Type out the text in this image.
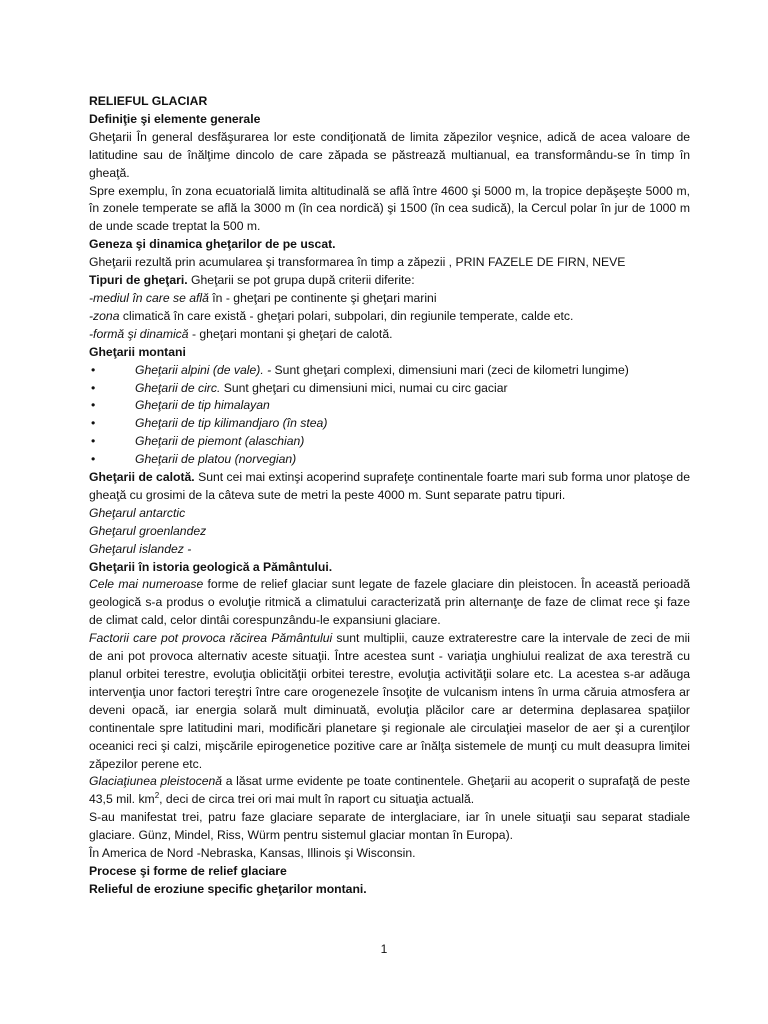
RELIEFUL GLACIAR

Definiţie şi elemente generale

Gheţarii În general desfăşurarea lor este condiţionată de limita zăpezilor veşnice, adică de acea valoare de latitudine sau de înălţime dincolo de care zăpada se păstrează multianual, ea transformându-se în timp în gheaţă.

Spre exemplu, în zona ecuatorială limita altitudinală se află între 4600 şi 5000 m, la tropice depăşeşte 5000 m, în zonele temperate se află la 3000 m (în cea nordică) şi 1500 (în cea sudică), la Cercul polar în jur de 1000 m de unde scade treptat la 500 m.

Geneza şi dinamica gheţarilor de pe uscat.

Gheţarii rezultă prin acumularea şi transformarea în timp a zăpezii , PRIN FAZELE DE FIRN, NEVE

Tipuri de gheţari. Gheţarii se pot grupa după criterii diferite:

-mediul în care se află în - gheţari pe continente şi gheţari marini

-zona climatică în care există - gheţari polari, subpolari, din regiunile temperate, calde etc.

-formă şi dinamică - gheţari montani şi gheţari de calotă.

Gheţarii montani

• Gheţarii alpini (de vale). - Sunt gheţari complexi, dimensiuni mari (zeci de kilometri lungime)
• Gheţarii de circ. Sunt gheţari cu dimensiuni mici, numai cu circ gaciar
• Gheţarii de tip himalayan
• Gheţarii de tip kilimandjaro (în stea)
• Gheţarii de piemont (alaschian)
• Gheţarii de platou (norvegian)

Gheţarii de calotă. Sunt cei mai extinşi acoperind suprafeţe continentale foarte mari sub forma unor platoşe de gheaţă cu grosimi de la câteva sute de metri la peste 4000 m. Sunt separate patru tipuri.

Gheţarul antarctic

Gheţarul groenlandez

Gheţarul islandez -

Gheţarii în istoria geologică a Pământului.

Cele mai numeroase forme de relief glaciar sunt legate de fazele glaciare din pleistocen. În această perioadă geologică s-a produs o evoluţie ritmică a climatului caracterizată prin alternanţe de faze de climat rece şi faze de climat cald, celor dintâi corespunzându-le expansiuni glaciare.

Factorii care pot provoca răcirea Pământului sunt multiplii, cauze extraterestre care la intervale de zeci de mii de ani pot provoca alternativ aceste situaţii. Între acestea sunt - variaţia unghiului realizat de axa terestră cu planul orbitei terestre, evoluţia oblicităţii orbitei terestre, evoluţia activităţii solare etc. La acestea s-ar adăuga intervenţia unor factori tereştri între care orogenezele însoţite de vulcanism intens în urma căruia atmosfera ar deveni opacă, iar energia solară mult diminuată, evoluţia plăcilor care ar determina deplasarea spaţiilor continentale spre latitudini mari, modificări planetare şi regionale ale circulaţiei maselor de aer şi a curenţilor oceanici reci şi calzi, mişcările epirogenetice pozitive care ar înălţa sistemele de munţi cu mult deasupra limitei zăpezilor perene etc.

Glaciaţiunea pleistocenă a lăsat urme evidente pe toate continentele. Gheţarii au acoperit o suprafaţă de peste 43,5 mil. $km^2$, deci de circa trei ori mai mult în raport cu situaţia actuală.

S-au manifestat trei, patru faze glaciare separate de interglaciare, iar în unele situaţii sau separat stadiale glaciare. Günz, Mindel, Riss, Würm pentru sistemul glaciar montan în Europa).

În America de Nord -Nebraska, Kansas, Illinois şi Wisconsin.

Procese şi forme de relief glaciare

Relieful de eroziune specific gheţarilor montani.

1
